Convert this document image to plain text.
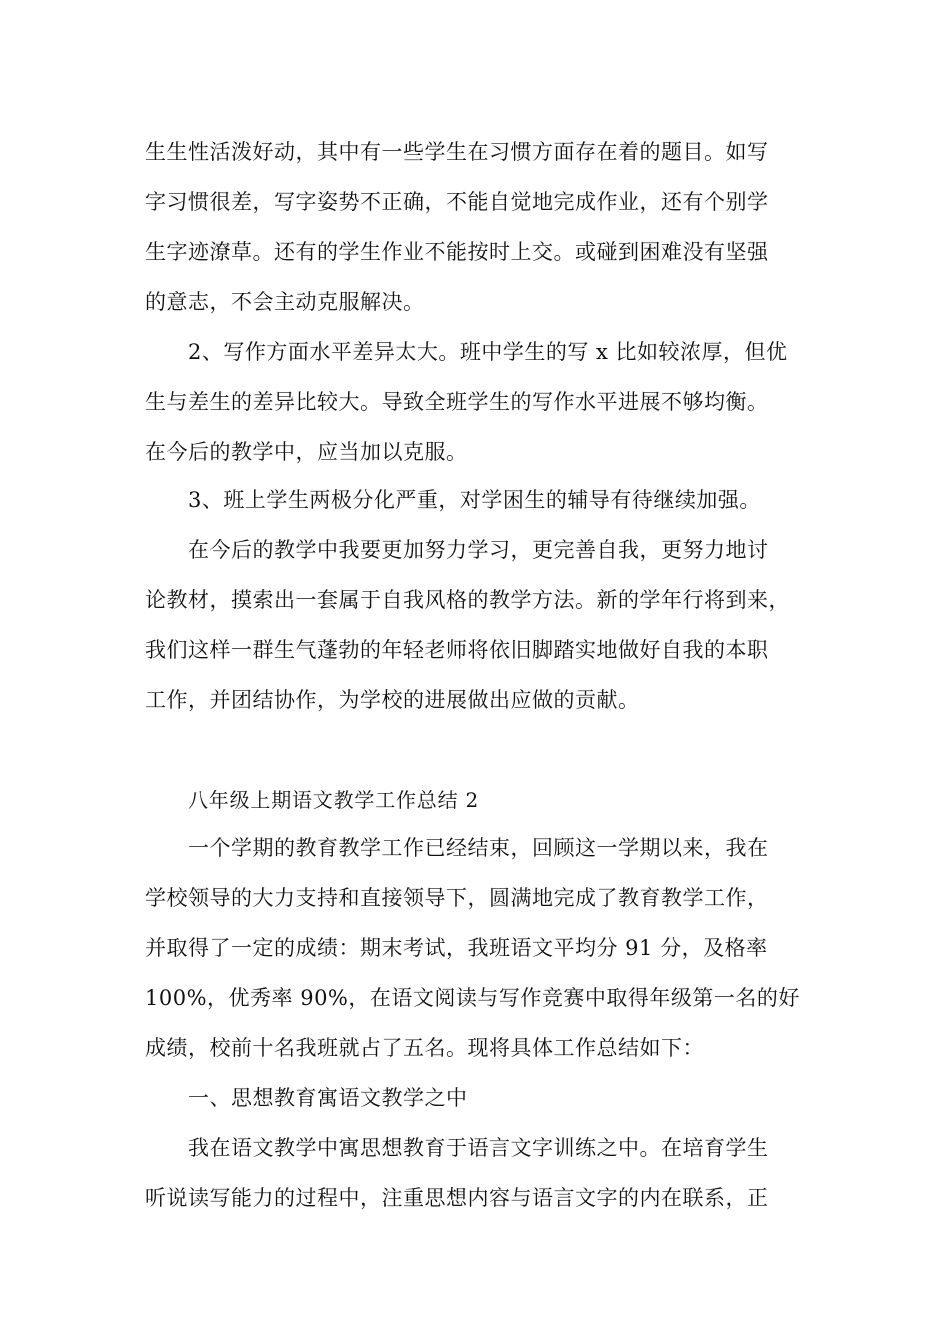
生生性活泼好动，其中有一些学生在习惯方面存在着的题目。如写
字习惯很差，写字姿势不正确，不能自觉地完成作业，还有个别学
生字迹潦草。还有的学生作业不能按时上交。或碰到困难没有坚强
的意志，不会主动克服解决。
2、写作方面水平差异太大。班中学生的写 x 比如较浓厚，但优
生与差生的差异比较大。导致全班学生的写作水平进展不够均衡。
在今后的教学中，应当加以克服。
3、班上学生两极分化严重，对学困生的辅导有待继续加强。
在今后的教学中我要更加努力学习，更完善自我，更努力地讨
论教材，摸索出一套属于自我风格的教学方法。新的学年行将到来，
我们这样一群生气蓬勃的年轻老师将依旧脚踏实地做好自我的本职
工作，并团结协作，为学校的进展做出应做的贡献。
八年级上期语文教学工作总结 2
一个学期的教育教学工作已经结束，回顾这一学期以来，我在
学校领导的大力支持和直接领导下，圆满地完成了教育教学工作，
并取得了一定的成绩：期末考试，我班语文平均分 91 分，及格率
100%，优秀率 90%，在语文阅读与写作竞赛中取得年级第一名的好
成绩，校前十名我班就占了五名。现将具体工作总结如下：
一、思想教育寓语文教学之中
我在语文教学中寓思想教育于语言文字训练之中。在培育学生
听说读写能力的过程中，注重思想内容与语言文字的内在联系，正
